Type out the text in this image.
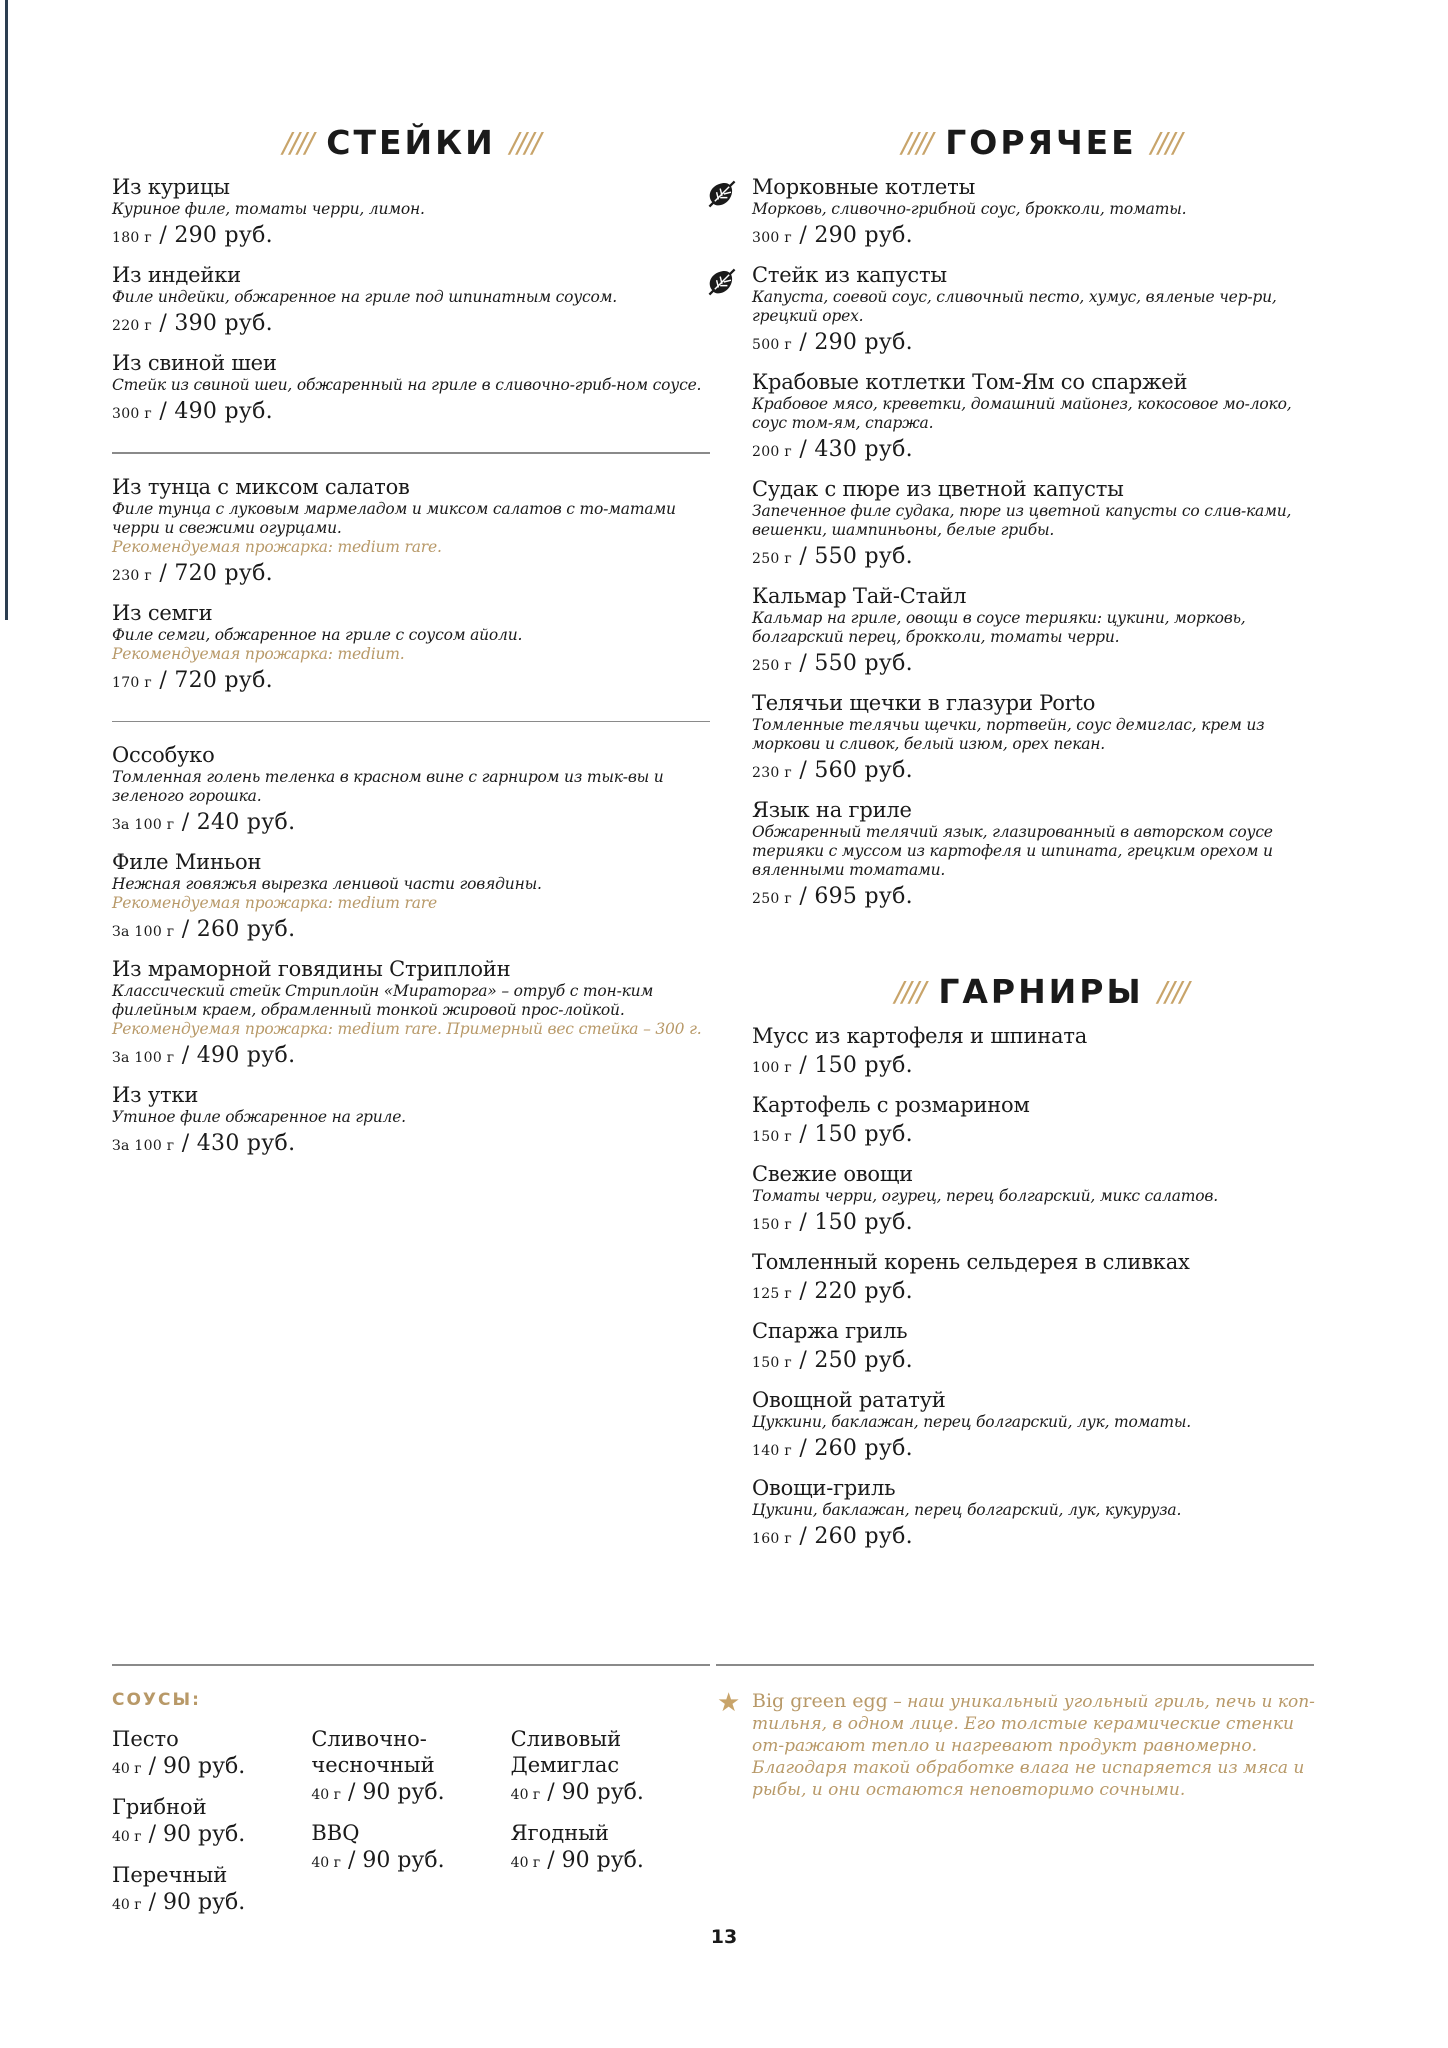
//// СТЕЙКИ ////
Из курицы
Куриное филе, томаты черри, лимон.
180 г / 290 руб.
Из индейки
Филе индейки, обжаренное на гриле под шпинатным соусом.
220 г / 390 руб.
Из свиной шеи
Стейк из свиной шеи, обжаренный на гриле в сливочно-гриб-ном соусе.
300 г / 490 руб.
Из тунца с миксом салатов
Филе тунца с луковым мармеладом и миксом салатов с то-матами черри и свежими огурцами.
Рекомендуемая прожарка: medium rare.
230 г / 720 руб.
Из семги
Филе семги, обжаренное на гриле с соусом айоли.
Рекомендуемая прожарка: medium.
170 г / 720 руб.
Оссобуко
Томленная голень теленка в красном вине с гарниром из тык-вы и зеленого горошка.
За 100 г / 240 руб.
Филе Миньон
Нежная говяжья вырезка ленивой части говядины.
Рекомендуемая прожарка: medium rare
За 100 г / 260 руб.
Из мраморной говядины Стриплойн
Классический стейк Стриплойн «Мираторга» – отруб с тон-ким филейным краем, обрамленный тонкой жировой прос-лойкой.
Рекомендуемая прожарка: medium rare. Примерный вес стейка – 300 г.
За 100 г / 490 руб.
Из утки
Утиное филе обжаренное на гриле.
За 100 г / 430 руб.
//// ГОРЯЧЕЕ ////
Морковные котлеты
Морковь, сливочно-грибной соус, брокколи, томаты.
300 г / 290 руб.
Стейк из капусты
Капуста, соевой соус, сливочный песто, хумус, вяленые чер-ри, грецкий орех.
500 г / 290 руб.
Крабовые котлетки Том-Ям со спаржей
Крабовое мясо, креветки, домашний майонез, кокосовое мо-локо, соус том-ям, спаржа.
200 г / 430 руб.
Судак с пюре из цветной капусты
Запеченное филе судака, пюре из цветной капусты со слив-ками, вешенки, шампиньоны, белые грибы.
250 г / 550 руб.
Кальмар Тай-Стайл
Кальмар на гриле, овощи в соусе терияки: цукини, морковь, болгарский перец, брокколи, томаты черри.
250 г / 550 руб.
Телячьи щечки в глазури Porto
Томленные телячьи щечки, портвейн, соус демиглас, крем из моркови и сливок, белый изюм, орех пекан.
230 г / 560 руб.
Язык на гриле
Обжаренный телячий язык, глазированный в авторском соусе терияки с муссом из картофеля и шпината, грецким орехом и вяленными томатами.
250 г / 695 руб.
//// ГАРНИРЫ ////
Мусс из картофеля и шпината
100 г / 150 руб.
Картофель с розмарином
150 г / 150 руб.
Свежие овощи
Томаты черри, огурец, перец болгарский, микс салатов.
150 г / 150 руб.
Томленный корень сельдерея в сливках
125 г / 220 руб.
Спаржа гриль
150 г / 250 руб.
Овощной рататуй
Цуккини, баклажан, перец болгарский, лук, томаты.
140 г / 260 руб.
Овощи-гриль
Цукини, баклажан, перец болгарский, лук, кукуруза.
160 г / 260 руб.
СОУСЫ:
Песто
40 г / 90 руб.
Грибной
40 г / 90 руб.
Перечный
40 г / 90 руб.
Сливочно-
чесночный
40 г / 90 руб.
BBQ
40 г / 90 руб.
Сливовый
Демиглас
40 г / 90 руб.
Ягодный
40 г / 90 руб.
★ Big green egg – наш уникальный угольный гриль, печь и коп-тильня, в одном лице. Его толстые керамические стенки от-ражают тепло и нагревают продукт равномерно. Благодаря такой обработке влага не испаряется из мяса и рыбы, и они остаются неповторимо сочными.
13
